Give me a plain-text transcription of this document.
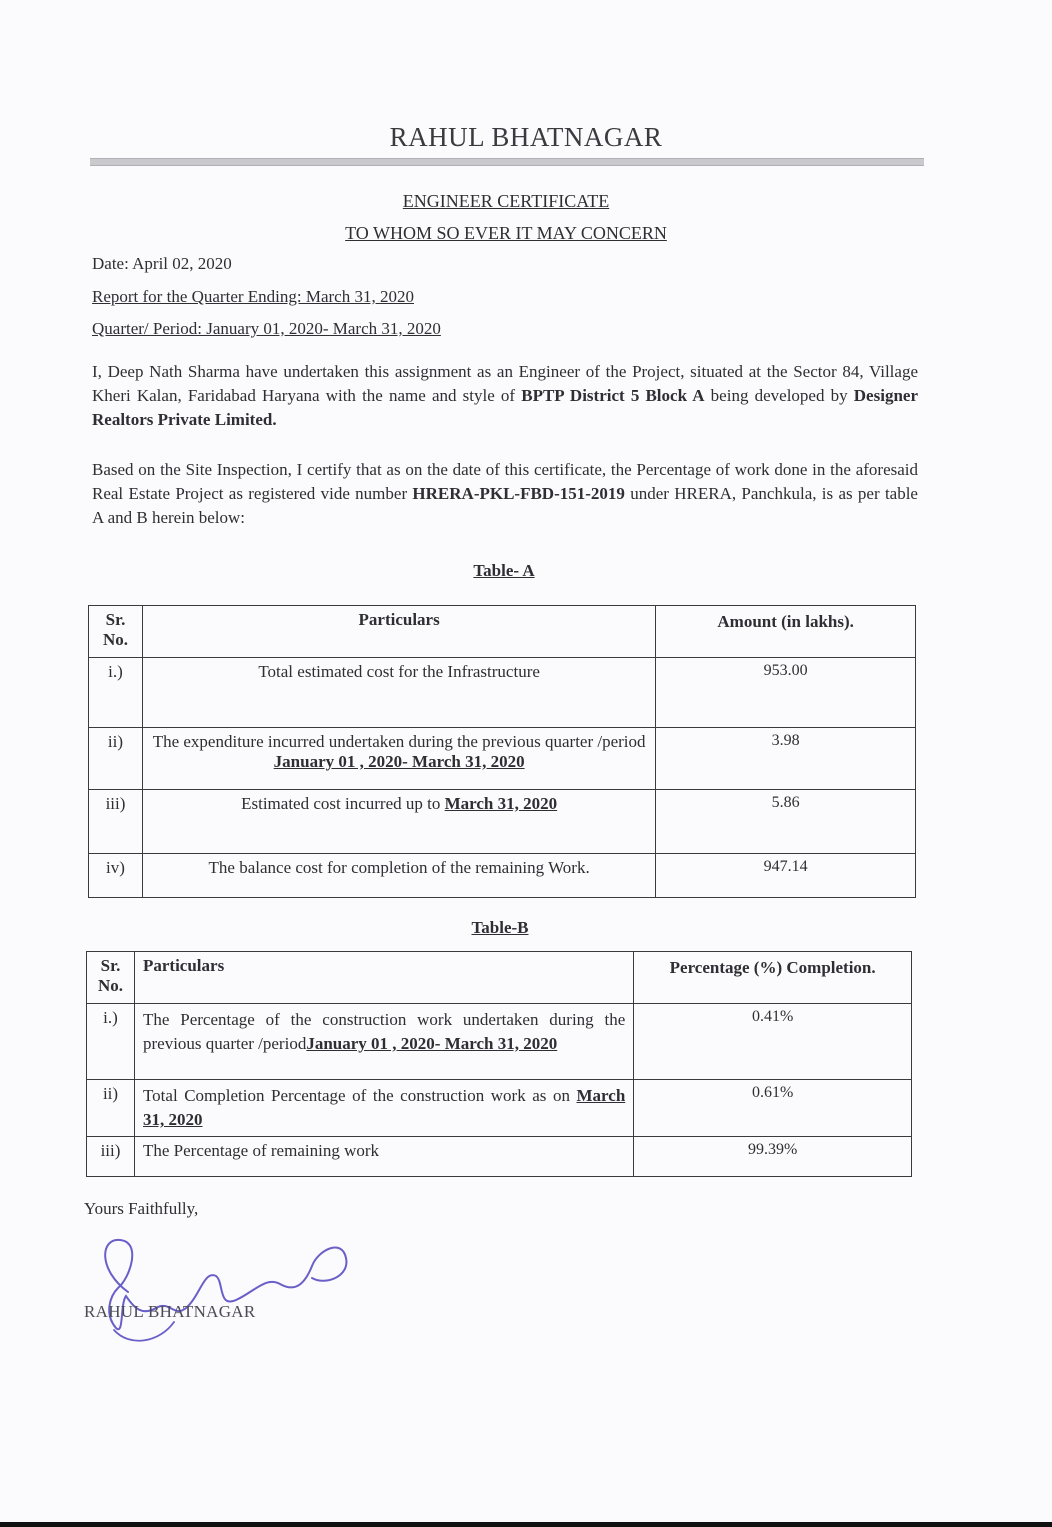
RAHUL BHATNAGAR
ENGINEER CERTIFICATE
TO WHOM SO EVER IT MAY CONCERN
Date: April 02, 2020
Report for the Quarter Ending: March 31, 2020
Quarter/ Period: January 01, 2020- March 31, 2020
I, Deep Nath Sharma have undertaken this assignment as an Engineer of the Project, situated at the Sector 84, Village Kheri Kalan, Faridabad Haryana with the name and style of BPTP District 5 Block A being developed by Designer Realtors Private Limited.
Based on the Site Inspection, I certify that as on the date of this certificate, the Percentage of work done in the aforesaid Real Estate Project as registered vide number HRERA-PKL-FBD-151-2019 under HRERA, Panchkula, is as per table A and B herein below:
Table- A
Sr. No.	Particulars	Amount (in lakhs).
i.)	Total estimated cost for the Infrastructure	953.00
ii)	The expenditure incurred undertaken during the previous quarter /period January 01 , 2020- March 31, 2020	3.98
iii)	Estimated cost incurred up to March 31, 2020	5.86
iv)	The balance cost for completion of the remaining Work.	947.14
Table-B
Sr. No.	Particulars	Percentage (%) Completion.
i.)	The Percentage of the construction work undertaken during the previous quarter /periodJanuary 01 , 2020- March 31, 2020	0.41%
ii)	Total Completion Percentage of the construction work as on March 31, 2020	0.61%
iii)	The Percentage of remaining work	99.39%
Yours Faithfully,
RAHUL BHATNAGAR
